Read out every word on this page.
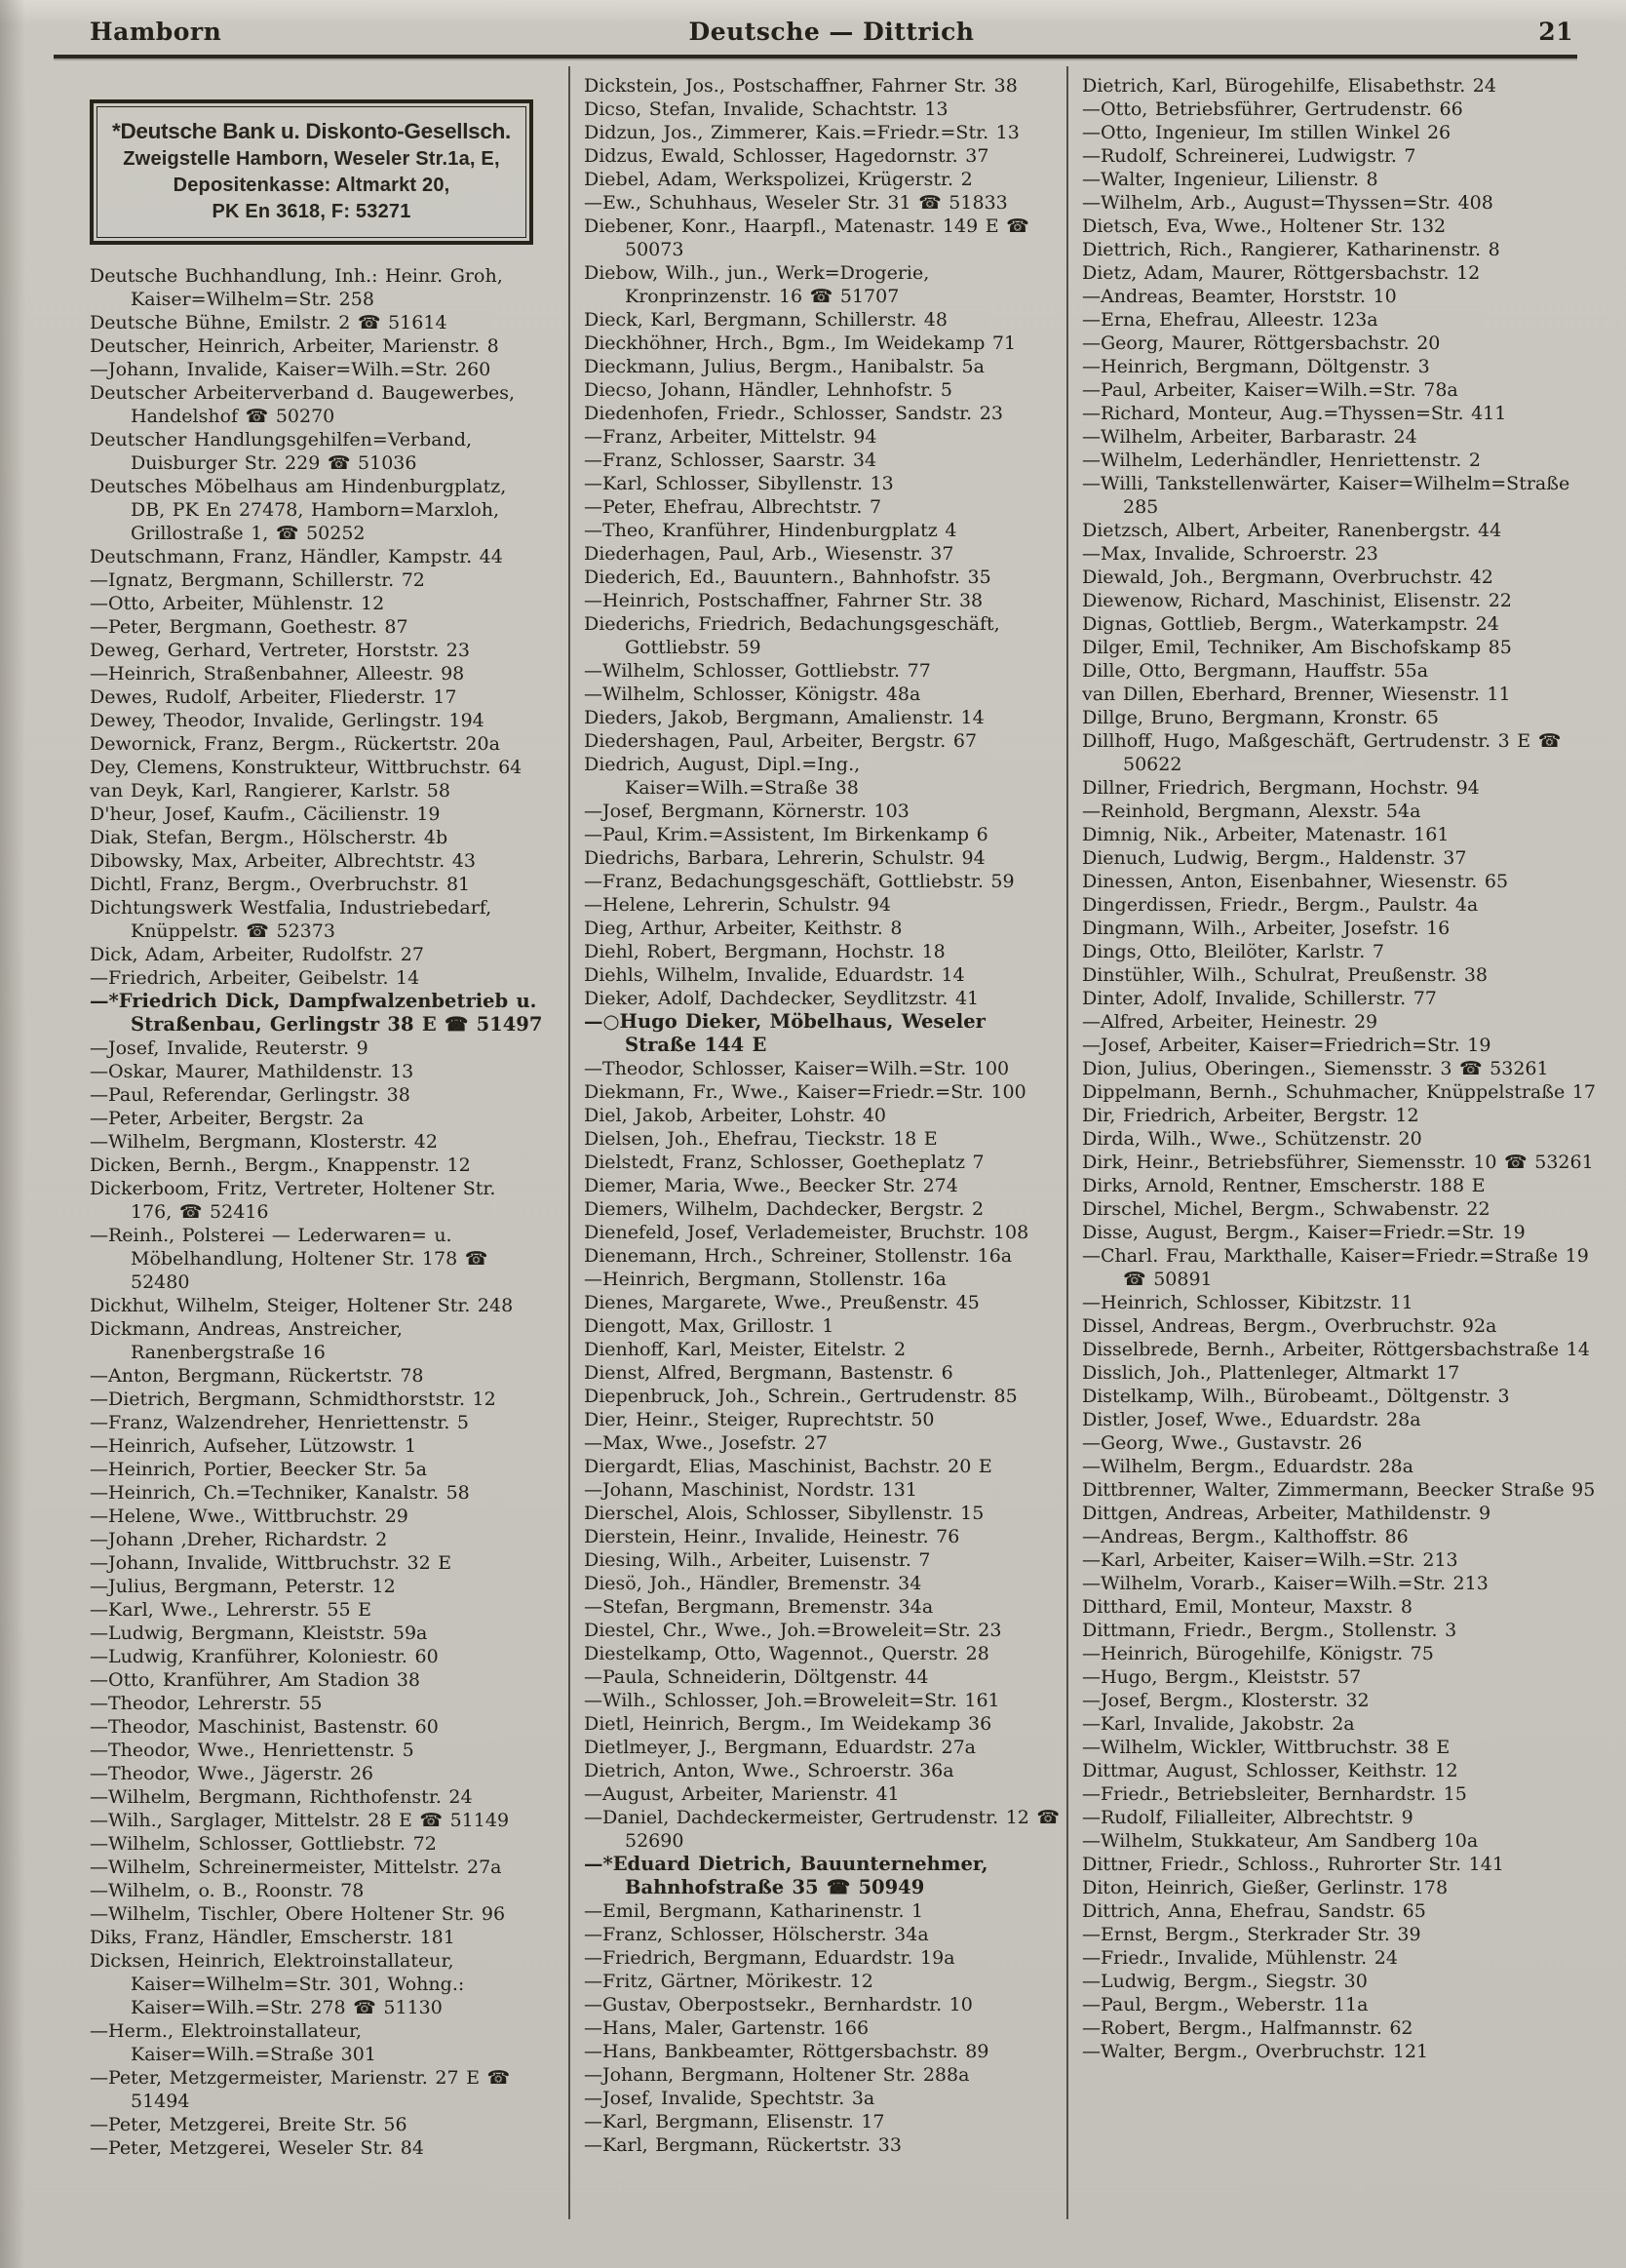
Hamborn	Deutsche — Dittrich	21
*Deutsche Bank u. Diskonto-Gesellsch.
Zweigstelle Hamborn, Weseler Str.1a, E,
Depositenkasse: Altmarkt 20,
PK En 3618, F: 53271

Deutsche Buchhandlung, Inh.: Heinr. Groh, Kaiser=Wilhelm=Str. 258

Deutsche Bühne, Emilstr. 2 ☎ 51614

Deutscher, Heinrich, Arbeiter, Marienstr. 8

—Johann, Invalide, Kaiser=Wilh.=Str. 260

Deutscher Arbeiterverband d. Baugewerbes, Handelshof ☎ 50270

Deutscher Handlungsgehilfen=Verband, Duisburger Str. 229 ☎ 51036

Deutsches Möbelhaus am Hindenburgplatz, DB, PK En 27478, Hamborn=Marxloh, Grillostraße 1, ☎ 50252

Deutschmann, Franz, Händler, Kampstr. 44

—Ignatz, Bergmann, Schillerstr. 72

—Otto, Arbeiter, Mühlenstr. 12

—Peter, Bergmann, Goethestr. 87

Deweg, Gerhard, Vertreter, Horststr. 23

—Heinrich, Straßenbahner, Alleestr. 98

Dewes, Rudolf, Arbeiter, Fliederstr. 17

Dewey, Theodor, Invalide, Gerlingstr. 194

Dewornick, Franz, Bergm., Rückertstr. 20a

Dey, Clemens, Konstrukteur, Wittbruchstr. 64

van Deyk, Karl, Rangierer, Karlstr. 58

D'heur, Josef, Kaufm., Cäcilienstr. 19

Diak, Stefan, Bergm., Hölscherstr. 4b

Dibowsky, Max, Arbeiter, Albrechtstr. 43

Dichtl, Franz, Bergm., Overbruchstr. 81

Dichtungswerk Westfalia, Industriebedarf, Knüppelstr. ☎ 52373

Dick, Adam, Arbeiter, Rudolfstr. 27

—Friedrich, Arbeiter, Geibelstr. 14

—*Friedrich Dick, Dampfwalzenbetrieb u. Straßenbau, Gerlingstr 38 E ☎ 51497

—Josef, Invalide, Reuterstr. 9

—Oskar, Maurer, Mathildenstr. 13

—Paul, Referendar, Gerlingstr. 38

—Peter, Arbeiter, Bergstr. 2a

—Wilhelm, Bergmann, Klosterstr. 42

Dicken, Bernh., Bergm., Knappenstr. 12

Dickerboom, Fritz, Vertreter, Holtener Str. 176, ☎ 52416

—Reinh., Polsterei — Lederwaren= u. Möbelhandlung, Holtener Str. 178 ☎ 52480

Dickhut, Wilhelm, Steiger, Holtener Str. 248

Dickmann, Andreas, Anstreicher, Ranenbergstraße 16

—Anton, Bergmann, Rückertstr. 78

—Dietrich, Bergmann, Schmidthorststr. 12

—Franz, Walzendreher, Henriettenstr. 5

—Heinrich, Aufseher, Lützowstr. 1

—Heinrich, Portier, Beecker Str. 5a

—Heinrich, Ch.=Techniker, Kanalstr. 58

—Helene, Wwe., Wittbruchstr. 29

—Johann ,Dreher, Richardstr. 2

—Johann, Invalide, Wittbruchstr. 32 E

—Julius, Bergmann, Peterstr. 12

—Karl, Wwe., Lehrerstr. 55 E

—Ludwig, Bergmann, Kleiststr. 59a

—Ludwig, Kranführer, Koloniestr. 60

—Otto, Kranführer, Am Stadion 38

—Theodor, Lehrerstr. 55

—Theodor, Maschinist, Bastenstr. 60

—Theodor, Wwe., Henriettenstr. 5

—Theodor, Wwe., Jägerstr. 26

—Wilhelm, Bergmann, Richthofenstr. 24

—Wilh., Sarglager, Mittelstr. 28 E ☎ 51149

—Wilhelm, Schlosser, Gottliebstr. 72

—Wilhelm, Schreinermeister, Mittelstr. 27a

—Wilhelm, o. B., Roonstr. 78

—Wilhelm, Tischler, Obere Holtener Str. 96

Diks, Franz, Händler, Emscherstr. 181

Dicksen, Heinrich, Elektroinstallateur, Kaiser=Wilhelm=Str. 301, Wohng.: Kaiser=Wilh.=Str. 278 ☎ 51130

—Herm., Elektroinstallateur, Kaiser=Wilh.=Straße 301

—Peter, Metzgermeister, Marienstr. 27 E ☎ 51494

—Peter, Metzgerei, Breite Str. 56

—Peter, Metzgerei, Weseler Str. 84

Dickstein, Jos., Postschaffner, Fahrner Str. 38

Dicso, Stefan, Invalide, Schachtstr. 13

Didzun, Jos., Zimmerer, Kais.=Friedr.=Str. 13

Didzus, Ewald, Schlosser, Hagedornstr. 37

Diebel, Adam, Werkspolizei, Krügerstr. 2

—Ew., Schuhhaus, Weseler Str. 31 ☎ 51833

Diebener, Konr., Haarpfl., Matenastr. 149 E ☎ 50073

Diebow, Wilh., jun., Werk=Drogerie, Kronprinzenstr. 16 ☎ 51707

Dieck, Karl, Bergmann, Schillerstr. 48

Dieckhöhner, Hrch., Bgm., Im Weidekamp 71

Dieckmann, Julius, Bergm., Hanibalstr. 5a

Diecso, Johann, Händler, Lehnhofstr. 5

Diedenhofen, Friedr., Schlosser, Sandstr. 23

—Franz, Arbeiter, Mittelstr. 94

—Franz, Schlosser, Saarstr. 34

—Karl, Schlosser, Sibyllenstr. 13

—Peter, Ehefrau, Albrechtstr. 7

—Theo, Kranführer, Hindenburgplatz 4

Diederhagen, Paul, Arb., Wiesenstr. 37

Diederich, Ed., Bauuntern., Bahnhofstr. 35

—Heinrich, Postschaffner, Fahrner Str. 38

Diederichs, Friedrich, Bedachungsgeschäft, Gottliebstr. 59

—Wilhelm, Schlosser, Gottliebstr. 77

—Wilhelm, Schlosser, Königstr. 48a

Dieders, Jakob, Bergmann, Amalienstr. 14

Diedershagen, Paul, Arbeiter, Bergstr. 67

Diedrich, August, Dipl.=Ing., Kaiser=Wilh.=Straße 38

—Josef, Bergmann, Körnerstr. 103

—Paul, Krim.=Assistent, Im Birkenkamp 6

Diedrichs, Barbara, Lehrerin, Schulstr. 94

—Franz, Bedachungsgeschäft, Gottliebstr. 59

—Helene, Lehrerin, Schulstr. 94

Dieg, Arthur, Arbeiter, Keithstr. 8

Diehl, Robert, Bergmann, Hochstr. 18

Diehls, Wilhelm, Invalide, Eduardstr. 14

Dieker, Adolf, Dachdecker, Seydlitzstr. 41

—○Hugo Dieker, Möbelhaus, Weseler Straße 144 E

—Theodor, Schlosser, Kaiser=Wilh.=Str. 100

Diekmann, Fr., Wwe., Kaiser=Friedr.=Str. 100

Diel, Jakob, Arbeiter, Lohstr. 40

Dielsen, Joh., Ehefrau, Tieckstr. 18 E

Dielstedt, Franz, Schlosser, Goetheplatz 7

Diemer, Maria, Wwe., Beecker Str. 274

Diemers, Wilhelm, Dachdecker, Bergstr. 2

Dienefeld, Josef, Verlademeister, Bruchstr. 108

Dienemann, Hrch., Schreiner, Stollenstr. 16a

—Heinrich, Bergmann, Stollenstr. 16a

Dienes, Margarete, Wwe., Preußenstr. 45

Diengott, Max, Grillostr. 1

Dienhoff, Karl, Meister, Eitelstr. 2

Dienst, Alfred, Bergmann, Bastenstr. 6

Diepenbruck, Joh., Schrein., Gertrudenstr. 85

Dier, Heinr., Steiger, Ruprechtstr. 50

—Max, Wwe., Josefstr. 27

Diergardt, Elias, Maschinist, Bachstr. 20 E

—Johann, Maschinist, Nordstr. 131

Dierschel, Alois, Schlosser, Sibyllenstr. 15

Dierstein, Heinr., Invalide, Heinestr. 76

Diesing, Wilh., Arbeiter, Luisenstr. 7

Diesö, Joh., Händler, Bremenstr. 34

—Stefan, Bergmann, Bremenstr. 34a

Diestel, Chr., Wwe., Joh.=Broweleit=Str. 23

Diestelkamp, Otto, Wagennot., Querstr. 28

—Paula, Schneiderin, Döltgenstr. 44

—Wilh., Schlosser, Joh.=Broweleit=Str. 161

Dietl, Heinrich, Bergm., Im Weidekamp 36

Dietlmeyer, J., Bergmann, Eduardstr. 27a

Dietrich, Anton, Wwe., Schroerstr. 36a

—August, Arbeiter, Marienstr. 41

—Daniel, Dachdeckermeister, Gertrudenstr. 12 ☎ 52690

—*Eduard Dietrich, Bauunternehmer, Bahnhofstraße 35 ☎ 50949

—Emil, Bergmann, Katharinenstr. 1

—Franz, Schlosser, Hölscherstr. 34a

—Friedrich, Bergmann, Eduardstr. 19a

—Fritz, Gärtner, Mörikestr. 12

—Gustav, Oberpostsekr., Bernhardstr. 10

—Hans, Maler, Gartenstr. 166

—Hans, Bankbeamter, Röttgersbachstr. 89

—Johann, Bergmann, Holtener Str. 288a

—Josef, Invalide, Spechtstr. 3a

—Karl, Bergmann, Elisenstr. 17

—Karl, Bergmann, Rückertstr. 33

Dietrich, Karl, Bürogehilfe, Elisabethstr. 24

—Otto, Betriebsführer, Gertrudenstr. 66

—Otto, Ingenieur, Im stillen Winkel 26

—Rudolf, Schreinerei, Ludwigstr. 7

—Walter, Ingenieur, Lilienstr. 8

—Wilhelm, Arb., August=Thyssen=Str. 408

Dietsch, Eva, Wwe., Holtener Str. 132

Diettrich, Rich., Rangierer, Katharinenstr. 8

Dietz, Adam, Maurer, Röttgersbachstr. 12

—Andreas, Beamter, Horststr. 10

—Erna, Ehefrau, Alleestr. 123a

—Georg, Maurer, Röttgersbachstr. 20

—Heinrich, Bergmann, Döltgenstr. 3

—Paul, Arbeiter, Kaiser=Wilh.=Str. 78a

—Richard, Monteur, Aug.=Thyssen=Str. 411

—Wilhelm, Arbeiter, Barbarastr. 24

—Wilhelm, Lederhändler, Henriettenstr. 2

—Willi, Tankstellenwärter, Kaiser=Wilhelm=Straße 285

Dietzsch, Albert, Arbeiter, Ranenbergstr. 44

—Max, Invalide, Schroerstr. 23

Diewald, Joh., Bergmann, Overbruchstr. 42

Diewenow, Richard, Maschinist, Elisenstr. 22

Dignas, Gottlieb, Bergm., Waterkampstr. 24

Dilger, Emil, Techniker, Am Bischofskamp 85

Dille, Otto, Bergmann, Hauffstr. 55a

van Dillen, Eberhard, Brenner, Wiesenstr. 11

Dillge, Bruno, Bergmann, Kronstr. 65

Dillhoff, Hugo, Maßgeschäft, Gertrudenstr. 3 E ☎ 50622

Dillner, Friedrich, Bergmann, Hochstr. 94

—Reinhold, Bergmann, Alexstr. 54a

Dimnig, Nik., Arbeiter, Matenastr. 161

Dienuch, Ludwig, Bergm., Haldenstr. 37

Dinessen, Anton, Eisenbahner, Wiesenstr. 65

Dingerdissen, Friedr., Bergm., Paulstr. 4a

Dingmann, Wilh., Arbeiter, Josefstr. 16

Dings, Otto, Bleilöter, Karlstr. 7

Dinstühler, Wilh., Schulrat, Preußenstr. 38

Dinter, Adolf, Invalide, Schillerstr. 77

—Alfred, Arbeiter, Heinestr. 29

—Josef, Arbeiter, Kaiser=Friedrich=Str. 19

Dion, Julius, Oberingen., Siemensstr. 3 ☎ 53261

Dippelmann, Bernh., Schuhmacher, Knüppelstraße 17

Dir, Friedrich, Arbeiter, Bergstr. 12

Dirda, Wilh., Wwe., Schützenstr. 20

Dirk, Heinr., Betriebsführer, Siemensstr. 10 ☎ 53261

Dirks, Arnold, Rentner, Emscherstr. 188 E

Dirschel, Michel, Bergm., Schwabenstr. 22

Disse, August, Bergm., Kaiser=Friedr.=Str. 19

—Charl. Frau, Markthalle, Kaiser=Friedr.=Straße 19 ☎ 50891

—Heinrich, Schlosser, Kibitzstr. 11

Dissel, Andreas, Bergm., Overbruchstr. 92a

Disselbrede, Bernh., Arbeiter, Röttgersbachstraße 14

Disslich, Joh., Plattenleger, Altmarkt 17

Distelkamp, Wilh., Bürobeamt., Döltgenstr. 3

Distler, Josef, Wwe., Eduardstr. 28a

—Georg, Wwe., Gustavstr. 26

—Wilhelm, Bergm., Eduardstr. 28a

Dittbrenner, Walter, Zimmermann, Beecker Straße 95

Dittgen, Andreas, Arbeiter, Mathildenstr. 9

—Andreas, Bergm., Kalthoffstr. 86

—Karl, Arbeiter, Kaiser=Wilh.=Str. 213

—Wilhelm, Vorarb., Kaiser=Wilh.=Str. 213

Ditthard, Emil, Monteur, Maxstr. 8

Dittmann, Friedr., Bergm., Stollenstr. 3

—Heinrich, Bürogehilfe, Königstr. 75

—Hugo, Bergm., Kleiststr. 57

—Josef, Bergm., Klosterstr. 32

—Karl, Invalide, Jakobstr. 2a

—Wilhelm, Wickler, Wittbruchstr. 38 E

Dittmar, August, Schlosser, Keithstr. 12

—Friedr., Betriebsleiter, Bernhardstr. 15

—Rudolf, Filialleiter, Albrechtstr. 9

—Wilhelm, Stukkateur, Am Sandberg 10a

Dittner, Friedr., Schloss., Ruhrorter Str. 141

Diton, Heinrich, Gießer, Gerlinstr. 178

Dittrich, Anna, Ehefrau, Sandstr. 65

—Ernst, Bergm., Sterkrader Str. 39

—Friedr., Invalide, Mühlenstr. 24

—Ludwig, Bergm., Siegstr. 30

—Paul, Bergm., Weberstr. 11a

—Robert, Bergm., Halfmannstr. 62

—Walter, Bergm., Overbruchstr. 121
